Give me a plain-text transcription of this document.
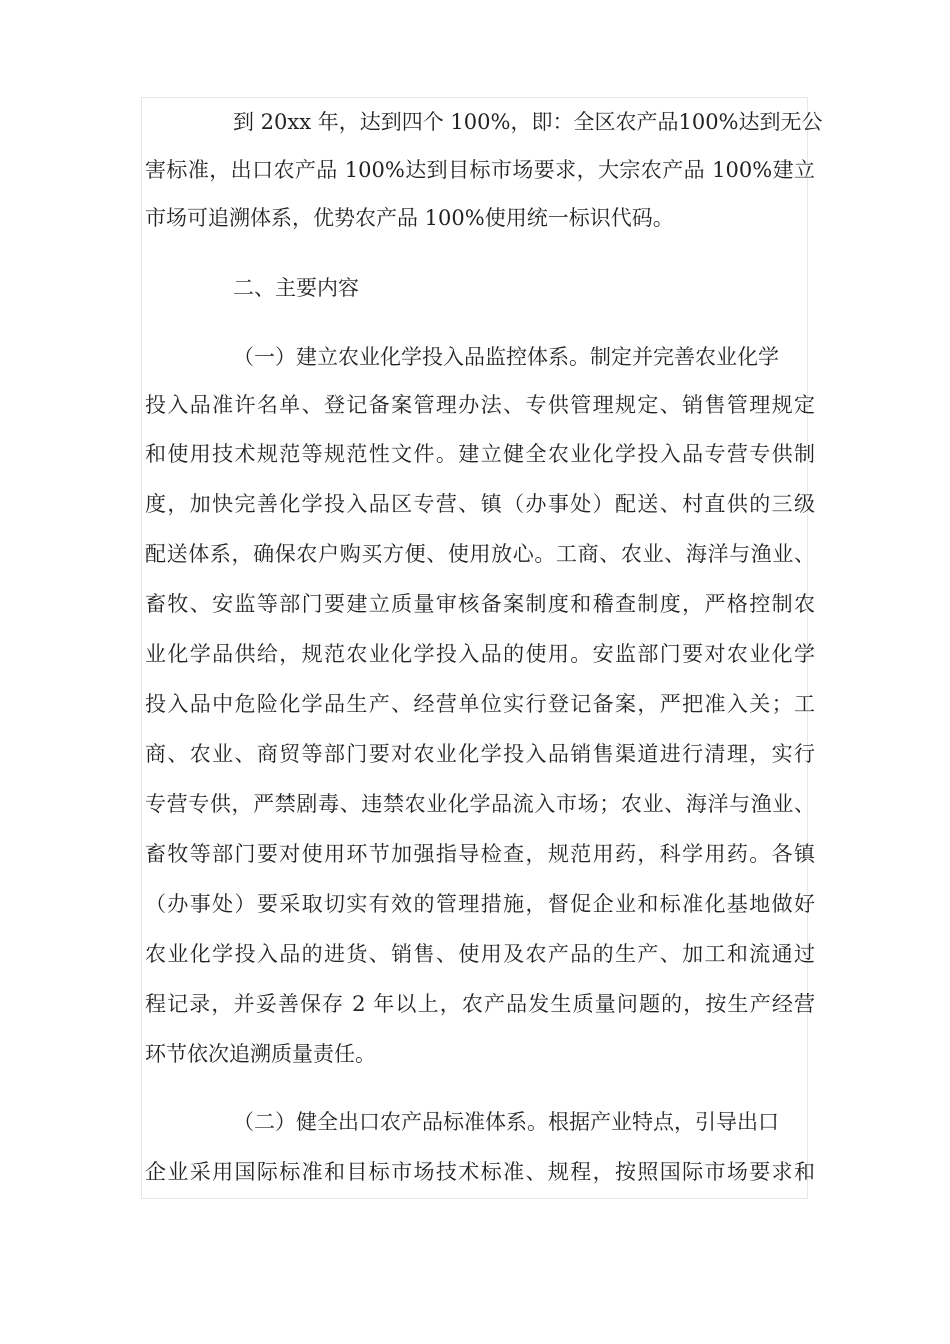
到 20xx 年，达到四个 100%，即：全区农产品100%达到无公
害标准，出口农产品 100%达到目标市场要求，大宗农产品 100%建立
市场可追溯体系，优势农产品 100%使用统一标识代码。
二、主要内容
（一）建立农业化学投入品监控体系。制定并完善农业化学
投入品准许名单、登记备案管理办法、专供管理规定、销售管理规定
和使用技术规范等规范性文件。建立健全农业化学投入品专营专供制
度，加快完善化学投入品区专营、镇（办事处）配送、村直供的三级
配送体系，确保农户购买方便、使用放心。工商、农业、海洋与渔业、
畜牧、安监等部门要建立质量审核备案制度和稽查制度，严格控制农
业化学品供给，规范农业化学投入品的使用。安监部门要对农业化学
投入品中危险化学品生产、经营单位实行登记备案，严把准入关；工
商、农业、商贸等部门要对农业化学投入品销售渠道进行清理，实行
专营专供，严禁剧毒、违禁农业化学品流入市场；农业、海洋与渔业、
畜牧等部门要对使用环节加强指导检查，规范用药，科学用药。各镇
（办事处）要采取切实有效的管理措施，督促企业和标准化基地做好
农业化学投入品的进货、销售、使用及农产品的生产、加工和流通过
程记录，并妥善保存 2 年以上，农产品发生质量问题的，按生产经营
环节依次追溯质量责任。
（二）健全出口农产品标准体系。根据产业特点，引导出口
企业采用国际标准和目标市场技术标准、规程，按照国际市场要求和
